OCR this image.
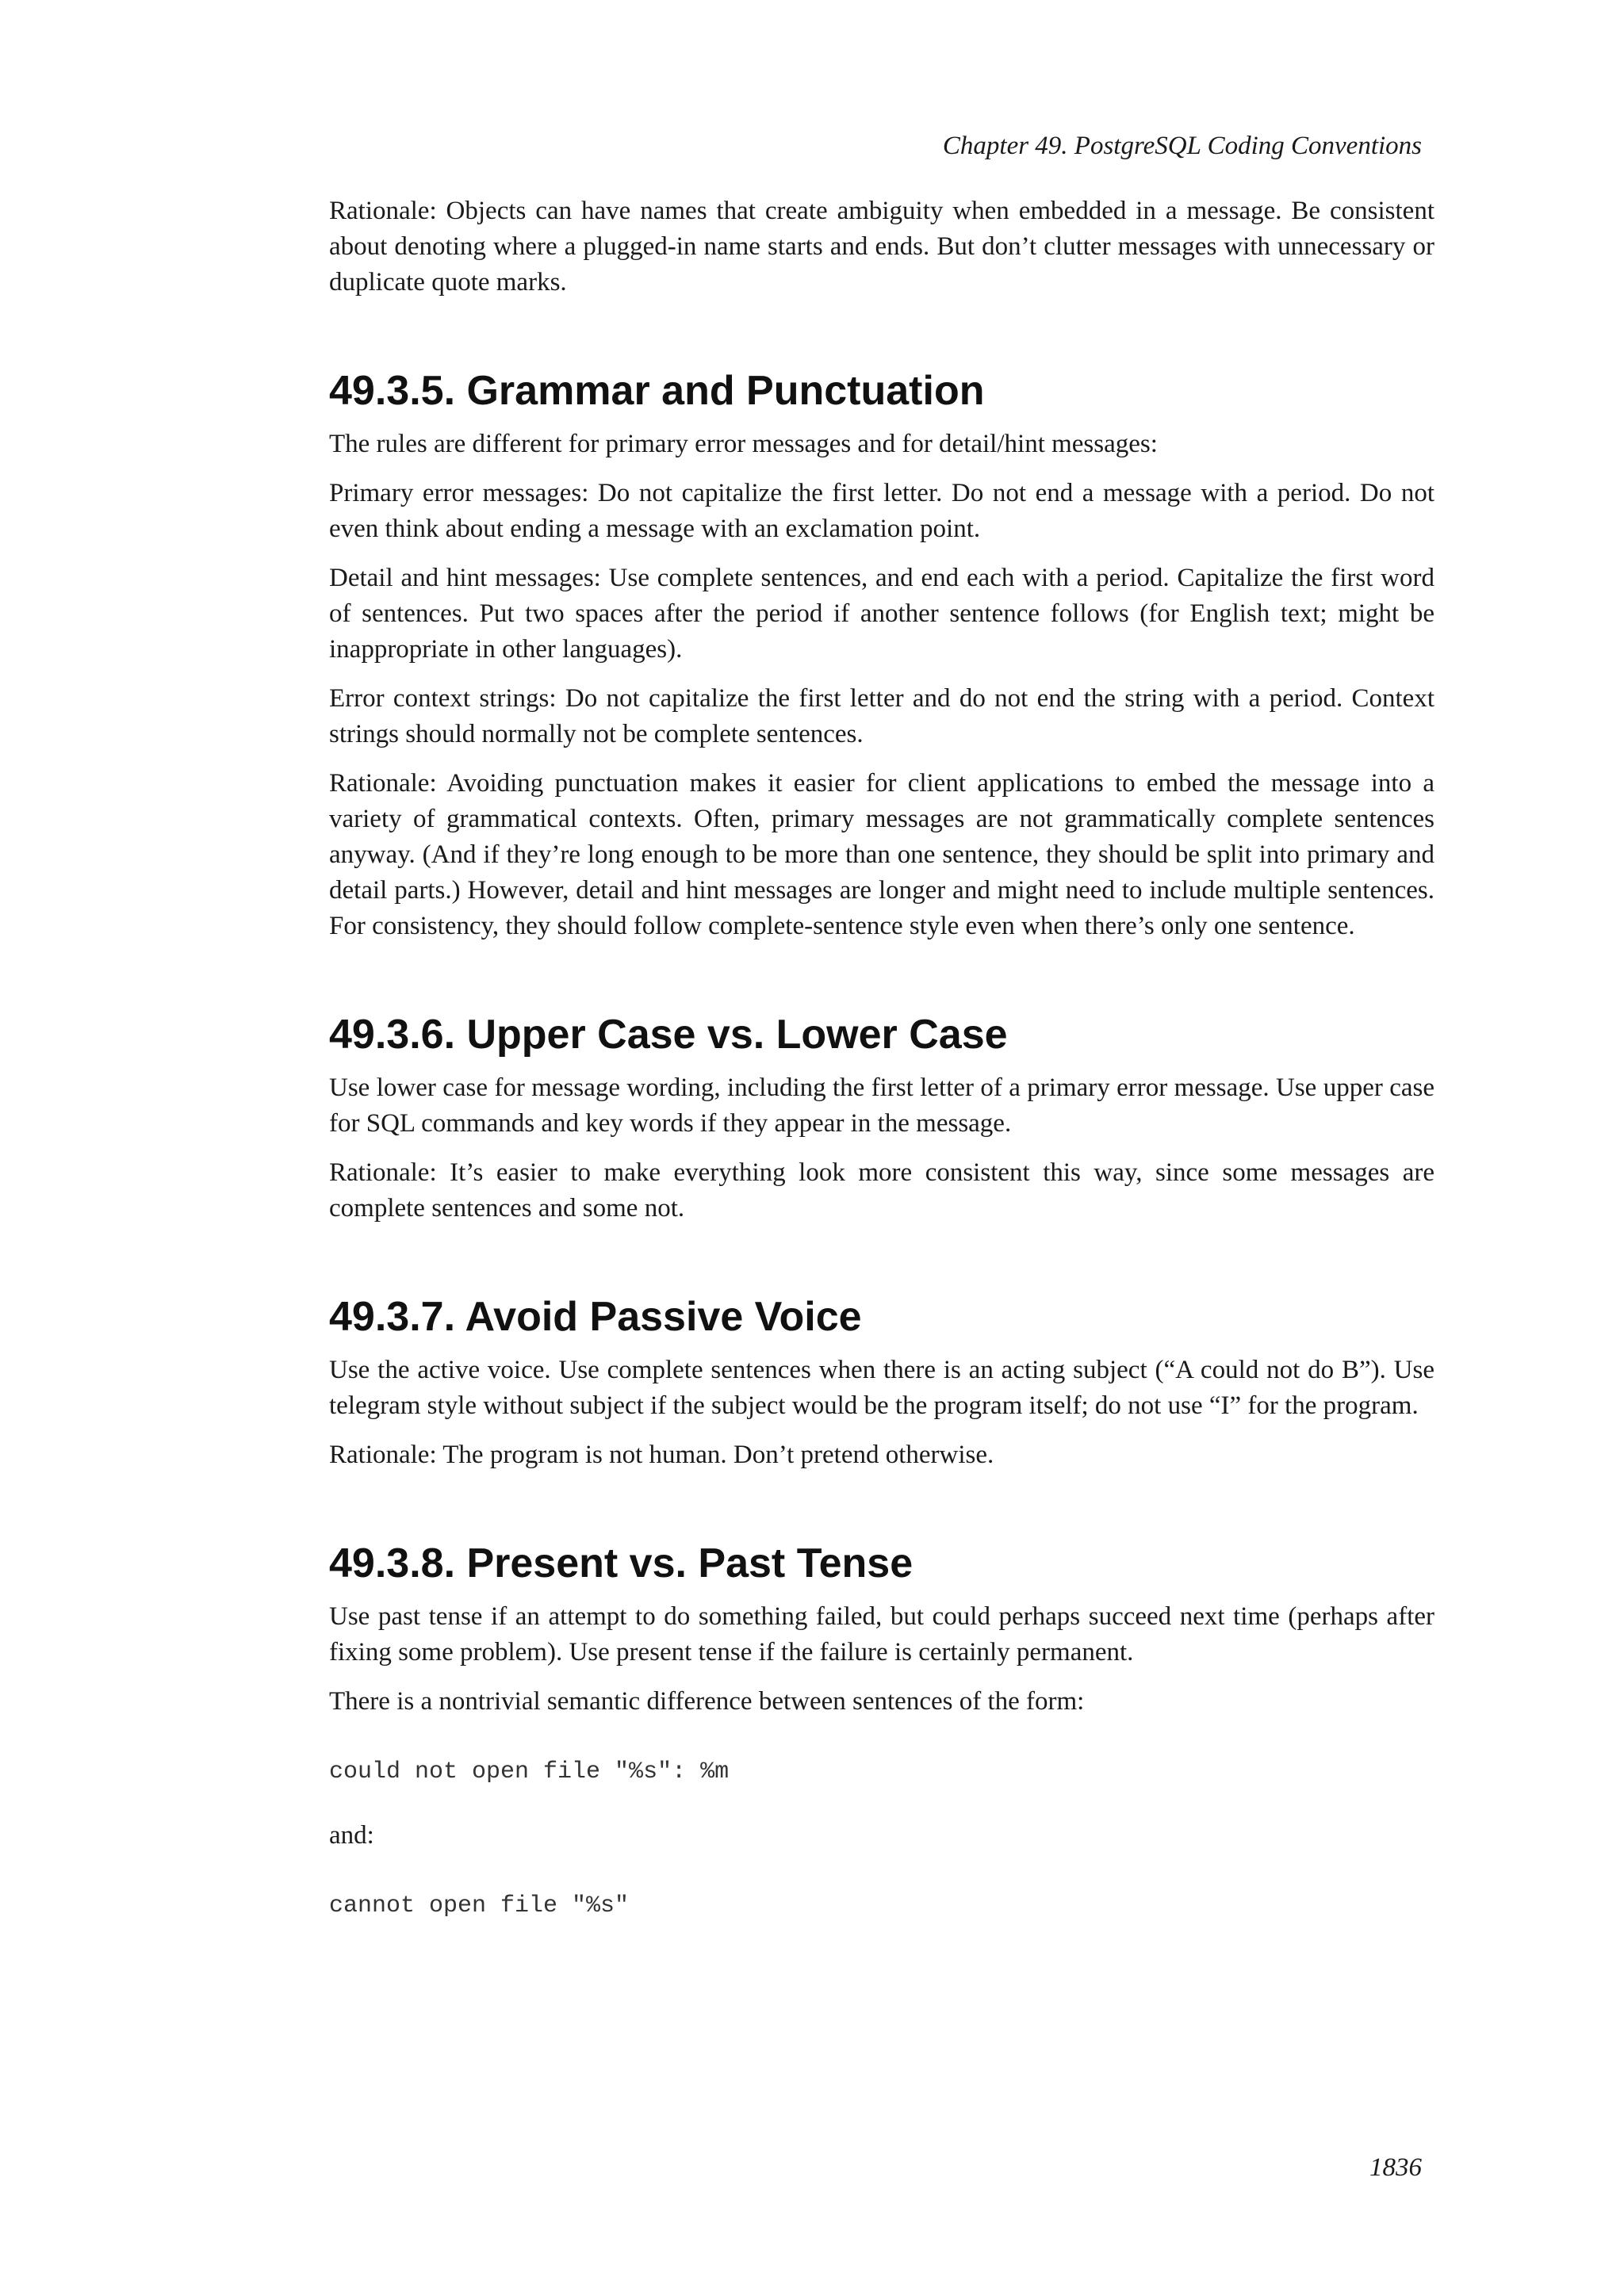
Chapter 49. PostgreSQL Coding Conventions

Rationale: Objects can have names that create ambiguity when embedded in a message. Be consistent about denoting where a plugged-in name starts and ends. But don’t clutter messages with unnecessary or duplicate quote marks.

49.3.5. Grammar and Punctuation

The rules are different for primary error messages and for detail/hint messages:

Primary error messages: Do not capitalize the first letter. Do not end a message with a period. Do not even think about ending a message with an exclamation point.

Detail and hint messages: Use complete sentences, and end each with a period. Capitalize the first word of sentences. Put two spaces after the period if another sentence follows (for English text; might be inappropriate in other languages).

Error context strings: Do not capitalize the first letter and do not end the string with a period. Context strings should normally not be complete sentences.

Rationale: Avoiding punctuation makes it easier for client applications to embed the message into a variety of grammatical contexts. Often, primary messages are not grammatically complete sentences anyway. (And if they’re long enough to be more than one sentence, they should be split into primary and detail parts.) However, detail and hint messages are longer and might need to include multiple sentences. For consistency, they should follow complete-sentence style even when there’s only one sentence.

49.3.6. Upper Case vs. Lower Case

Use lower case for message wording, including the first letter of a primary error message. Use upper case for SQL commands and key words if they appear in the message.

Rationale: It’s easier to make everything look more consistent this way, since some messages are complete sentences and some not.

49.3.7. Avoid Passive Voice

Use the active voice. Use complete sentences when there is an acting subject (“A could not do B”). Use telegram style without subject if the subject would be the program itself; do not use “I” for the program.

Rationale: The program is not human. Don’t pretend otherwise.

49.3.8. Present vs. Past Tense

Use past tense if an attempt to do something failed, but could perhaps succeed next time (perhaps after fixing some problem). Use present tense if the failure is certainly permanent.

There is a nontrivial semantic difference between sentences of the form:

could not open file "%s": %m

and:

cannot open file "%s"
1836
